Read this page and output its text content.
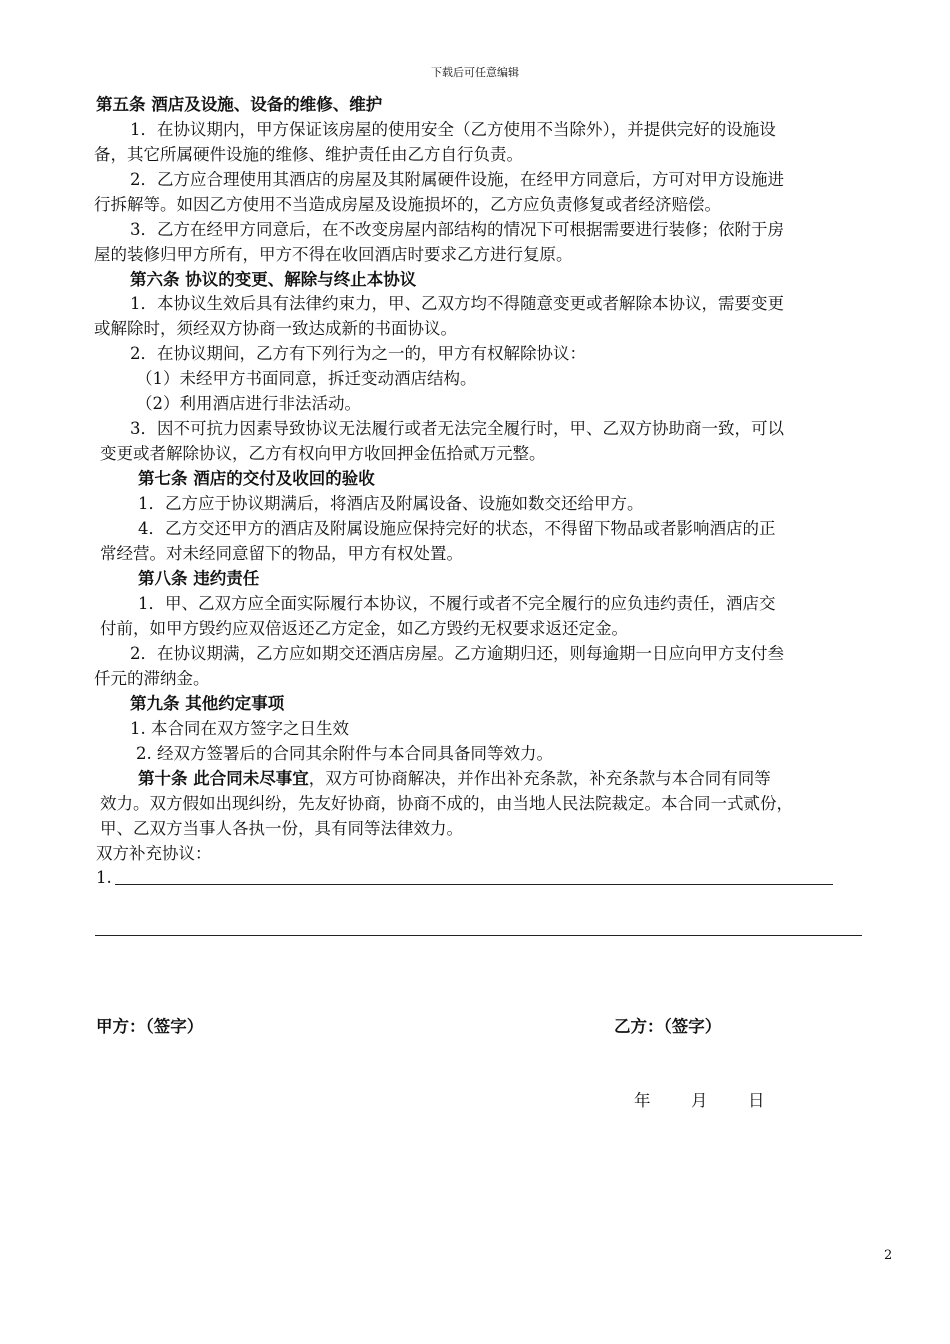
下载后可任意编辑
第五条 酒店及设施、设备的维修、维护
1．在协议期内，甲方保证该房屋的使用安全（乙方使用不当除外），并提供完好的设施设
备，其它所属硬件设施的维修、维护责任由乙方自行负责。
2．乙方应合理使用其酒店的房屋及其附属硬件设施，在经甲方同意后，方可对甲方设施进
行拆解等。如因乙方使用不当造成房屋及设施损坏的，乙方应负责修复或者经济赔偿。
3．乙方在经甲方同意后，在不改变房屋内部结构的情况下可根据需要进行装修；依附于房
屋的装修归甲方所有，甲方不得在收回酒店时要求乙方进行复原。
第六条 协议的变更、解除与终止本协议
1．本协议生效后具有法律约束力，甲、乙双方均不得随意变更或者解除本协议，需要变更
或解除时，须经双方协商一致达成新的书面协议。
2．在协议期间，乙方有下列行为之一的，甲方有权解除协议：
（1）未经甲方书面同意，拆迁变动酒店结构。
（2）利用酒店进行非法活动。
3．因不可抗力因素导致协议无法履行或者无法完全履行时，甲、乙双方协助商一致，可以
变更或者解除协议，乙方有权向甲方收回押金伍拾贰万元整。
第七条 酒店的交付及收回的验收
1．乙方应于协议期满后，将酒店及附属设备、设施如数交还给甲方。
4．乙方交还甲方的酒店及附属设施应保持完好的状态，不得留下物品或者影响酒店的正
常经营。对未经同意留下的物品，甲方有权处置。
第八条 违约责任
1．甲、乙双方应全面实际履行本协议，不履行或者不完全履行的应负违约责任，酒店交
付前，如甲方毁约应双倍返还乙方定金，如乙方毁约无权要求返还定金。
2．在协议期满，乙方应如期交还酒店房屋。乙方逾期归还，则每逾期一日应向甲方支付叁
仟元的滞纳金。
第九条 其他约定事项
1. 本合同在双方签字之日生效
2. 经双方签署后的合同其余附件与本合同具备同等效力。
第十条 此合同未尽事宜，双方可协商解决，并作出补充条款，补充条款与本合同有同等
效力。双方假如出现纠纷，先友好协商，协商不成的，由当地人民法院裁定。本合同一式贰份，
甲、乙双方当事人各执一份，具有同等法律效力。
双方补充协议：
1.
甲方：（签字）	乙方：（签字）
年 月 日
2
